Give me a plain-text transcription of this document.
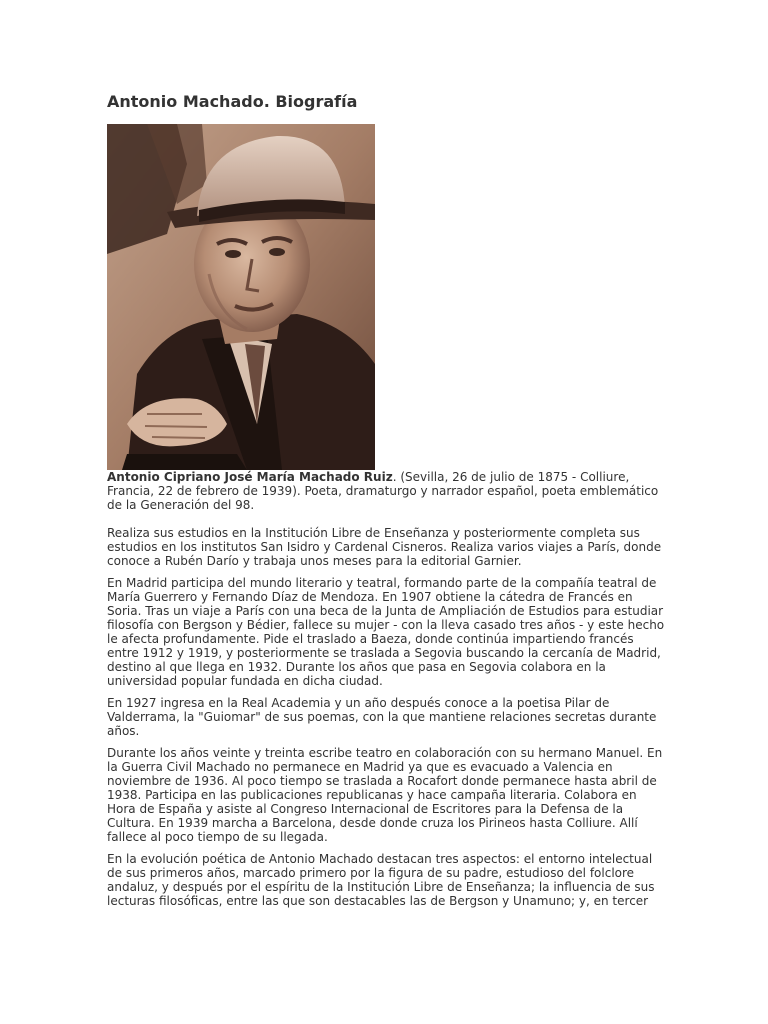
Antonio Machado. Biografía

Antonio Cipriano José María Machado Ruiz. (Sevilla, 26 de julio de 1875 - Colliure, Francia, 22 de febrero de 1939). Poeta, dramaturgo y narrador español, poeta emblemático de la Generación del 98.

Realiza sus estudios en la Institución Libre de Enseñanza y posteriormente completa sus estudios en los institutos San Isidro y Cardenal Cisneros. Realiza varios viajes a París, donde conoce a Rubén Darío y trabaja unos meses para la editorial Garnier.

En Madrid participa del mundo literario y teatral, formando parte de la compañía teatral de María Guerrero y Fernando Díaz de Mendoza. En 1907 obtiene la cátedra de Francés en Soria. Tras un viaje a París con una beca de la Junta de Ampliación de Estudios para estudiar filosofía con Bergson y Bédier, fallece su mujer - con la lleva casado tres años - y este hecho le afecta profundamente. Pide el traslado a Baeza, donde continúa impartiendo francés entre 1912 y 1919, y posteriormente se traslada a Segovia buscando la cercanía de Madrid, destino al que llega en 1932. Durante los años que pasa en Segovia colabora en la universidad popular fundada en dicha ciudad.

En 1927 ingresa en la Real Academia y un año después conoce a la poetisa Pilar de Valderrama, la "Guiomar" de sus poemas, con la que mantiene relaciones secretas durante años.

Durante los años veinte y treinta escribe teatro en colaboración con su hermano Manuel. En la Guerra Civil Machado no permanece en Madrid ya que es evacuado a Valencia en noviembre de 1936. Al poco tiempo se traslada a Rocafort donde permanece hasta abril de 1938. Participa en las publicaciones republicanas y hace campaña literaria. Colabora en Hora de España y asiste al Congreso Internacional de Escritores para la Defensa de la Cultura. En 1939 marcha a Barcelona, desde donde cruza los Pirineos hasta Colliure. Allí fallece al poco tiempo de su llegada.

En la evolución poética de Antonio Machado destacan tres aspectos: el entorno intelectual de sus primeros años, marcado primero por la figura de su padre, estudioso del folclore andaluz, y después por el espíritu de la Institución Libre de Enseñanza; la influencia de sus lecturas filosóficas, entre las que son destacables las de Bergson y Unamuno; y, en tercer
